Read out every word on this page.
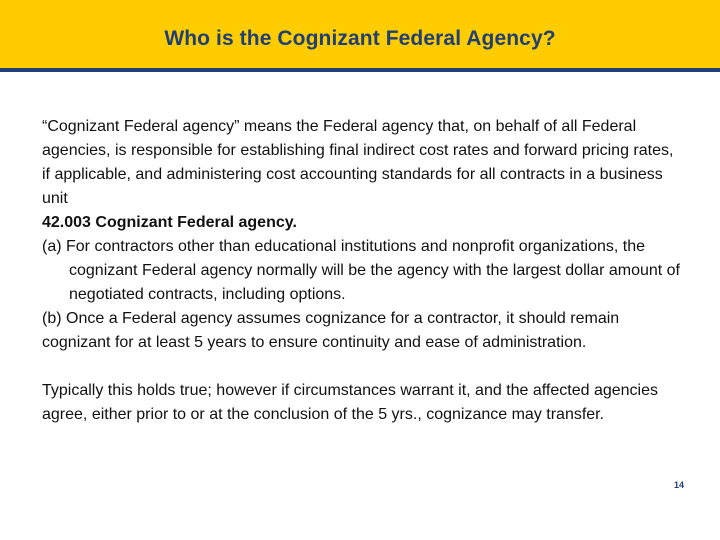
Who is the Cognizant Federal Agency?

“Cognizant Federal agency” means the Federal agency that, on behalf of all Federal agencies, is responsible for establishing final indirect cost rates and forward pricing rates, if applicable, and administering cost accounting standards for all contracts in a business unit

42.003 Cognizant Federal agency.

(a) For contractors other than educational institutions and nonprofit organizations, the cognizant Federal agency normally will be the agency with the largest dollar amount of negotiated contracts, including options.

(b) Once a Federal agency assumes cognizance for a contractor, it should remain cognizant for at least 5 years to ensure continuity and ease of administration.

Typically this holds true; however if circumstances warrant it, and the affected agencies agree, either prior to or at the conclusion of the 5 yrs., cognizance may transfer.

14
